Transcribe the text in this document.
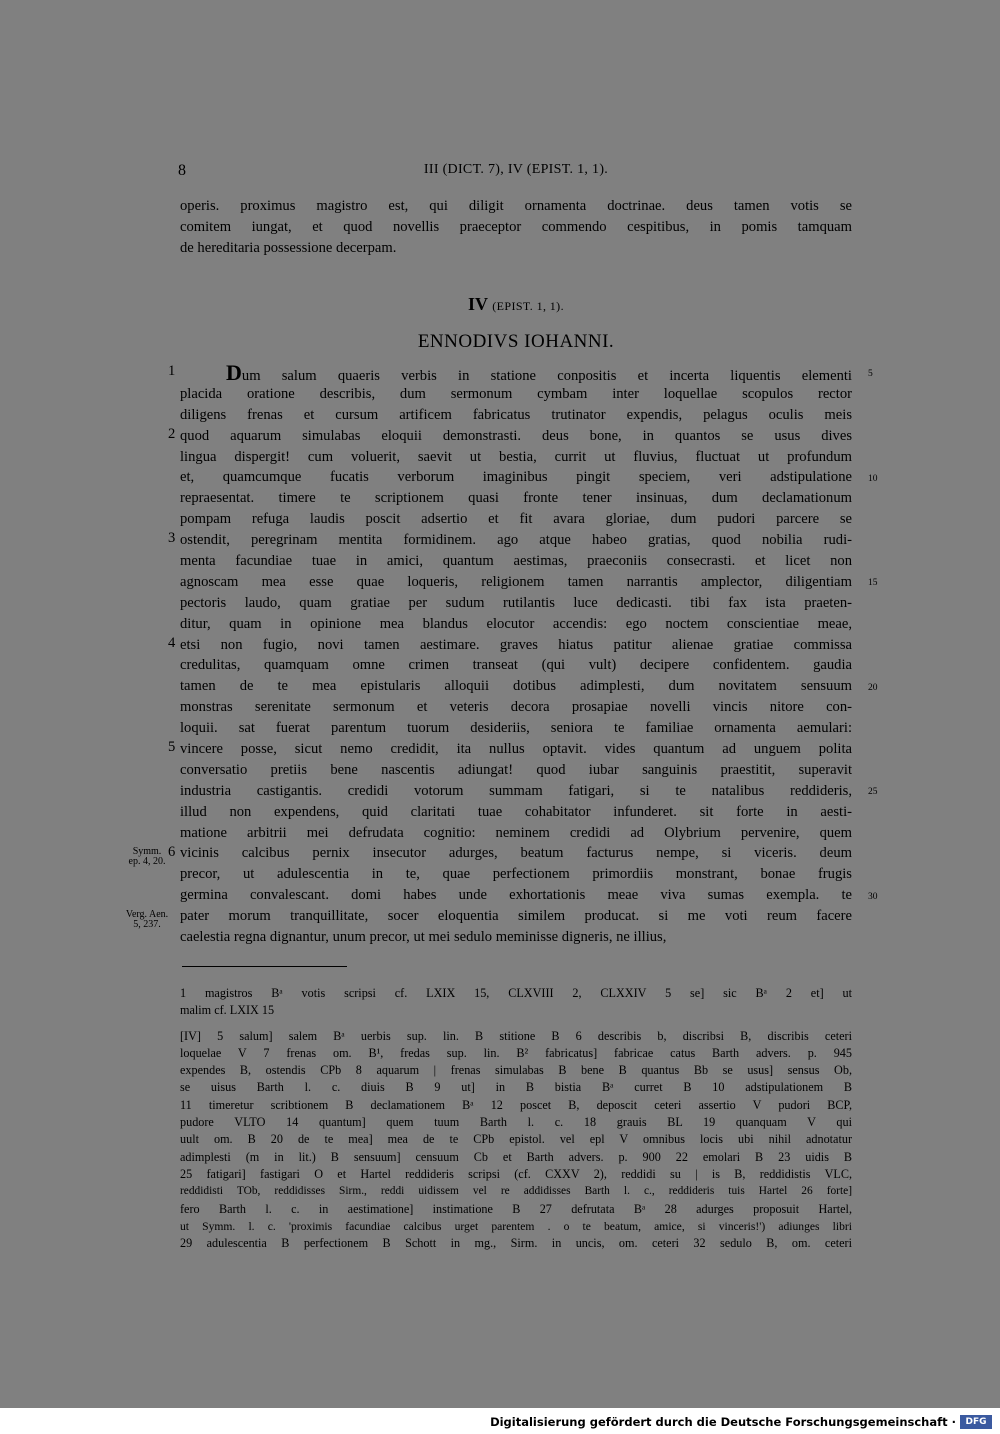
8	III (DICT. 7), IV (EPIST. 1, 1).
operis. proximus magistro est, qui diligit ornamenta doctrinae. deus tamen votis se
comitem iungat, et quod novellis praeceptor commendo cespitibus, in pomis tamquam
de hereditaria possessione decerpam.
IV (EPIST. 1, 1).
ENNODIVS IOHANNI.
Dum salum quaeris verbis in statione conpositis et incerta liquentis elementi
placida oratione describis, dum sermonum cymbam inter loquellae scopulos rector
diligens frenas et cursum artificem fabricatus trutinator expendis, pelagus oculis meis
quod aquarum simulabas eloquii demonstrasti. deus bone, in quantos se usus dives
lingua dispergit! cum voluerit, saevit ut bestia, currit ut fluvius, fluctuat ut profundum
et, quamcumque fucatis verborum imaginibus pingit speciem, veri adstipulatione
repraesentat. timere te scriptionem quasi fronte tener insinuas, dum declamationum
pompam refuga laudis poscit adsertio et fit avara gloriae, dum pudori parcere se
ostendit, peregrinam mentita formidinem. ago atque habeo gratias, quod nobilia rudi-
menta facundiae tuae in amici, quantum aestimas, praeconiis consecrasti. et licet non
agnoscam mea esse quae loqueris, religionem tamen narrantis amplector, diligentiam
pectoris laudo, quam gratiae per sudum rutilantis luce dedicasti. tibi fax ista praeten-
ditur, quam in opinione mea blandus elocutor accendis: ego noctem conscientiae meae,
etsi non fugio, novi tamen aestimare. graves hiatus patitur alienae gratiae commissa
credulitas, quamquam omne crimen transeat (qui vult) decipere confidentem. gaudia
tamen de te mea epistularis alloquii dotibus adimplesti, dum novitatem sensuum
monstras serenitate sermonum et veteris decora prosapiae novelli vincis nitore con-
loquii. sat fuerat parentum tuorum desideriis, seniora te familiae ornamenta aemulari:
vincere posse, sicut nemo credidit, ita nullus optavit. vides quantum ad unguem polita
conversatio pretiis bene nascentis adiungat! quod iubar sanguinis praestitit, superavit
industria castigantis. credidi votorum summam fatigari, si te natalibus reddideris,
illud non expendens, quid claritati tuae cohabitator infunderet. sit forte in aesti-
matione arbitrii mei defrudata cognitio: neminem credidi ad Olybrium pervenire, quem
vicinis calcibus pernix insecutor adurges, beatum facturus nempe, si viceris. deum
precor, ut adulescentia in te, quae perfectionem primordiis monstrant, bonae frugis
germina convalescant. domi habes unde exhortationis meae viva sumas exempla. te
pater morum tranquillitate, socer eloquentia similem producat. si me voti reum facere
caelestia regna dignantur, unum precor, ut mei sedulo meminisse digneris, ne illius,
1
2
3
4
5
6
5
10
15
20
25
30
Symm.
ep. 4, 20.
Verg. Aen.
5, 237.
1 magistros Bᵃ votis scripsi cf. LXIX 15, CLXVIII 2, CLXXIV 5 se] sic Bᵃ 2 et] ut
malim cf. LXIX 15
[IV] 5 salum] salem Bᵃ uerbis sup. lin. B stitione B 6 describis b, discribsi B, discribis ceteri
loquelae V 7 frenas om. B¹, fredas sup. lin. B² fabricatus] fabricae catus Barth advers. p. 945
expendes B, ostendis CPb 8 aquarum | frenas simulabas B bene B quantus Bb se usus] sensus Ob,
se uisus Barth l. c. diuis B 9 ut] in B bistia Bᵃ curret B 10 adstipulationem B
11 timeretur scribtionem B declamationem Bᵃ 12 poscet B, deposcit ceteri assertio V pudori BCP,
pudore VLTO 14 quantum] quem tuum Barth l. c. 18 grauis BL 19 quanquam V qui
uult om. B 20 de te mea] mea de te CPb epistol. vel epl V omnibus locis ubi nihil adnotatur
adimplesti (m in lit.) B sensuum] censuum Cb et Barth advers. p. 900 22 emolari B 23 uidis B
25 fatigari] fastigari O et Hartel reddideris scripsi (cf. CXXV 2), reddidi su | is B, reddidistis VLC,
reddidisti TOb, reddidisses Sirm., reddi uidissem vel re addidisses Barth l. c., reddideris tuis Hartel 26 forte]
fero Barth l. c. in aestimatione] instimatione B 27 defrutata Bᵃ 28 adurges proposuit Hartel,
ut Symm. l. c. 'proximis facundiae calcibus urget parentem . o te beatum, amice, si vinceris!') adiunges libri
29 adulescentia B perfectionem B Schott in mg., Sirm. in uncis, om. ceteri 32 sedulo B, om. ceteri
Digitalisierung gefördert durch die Deutsche Forschungsgemeinschaft ·	DFG
